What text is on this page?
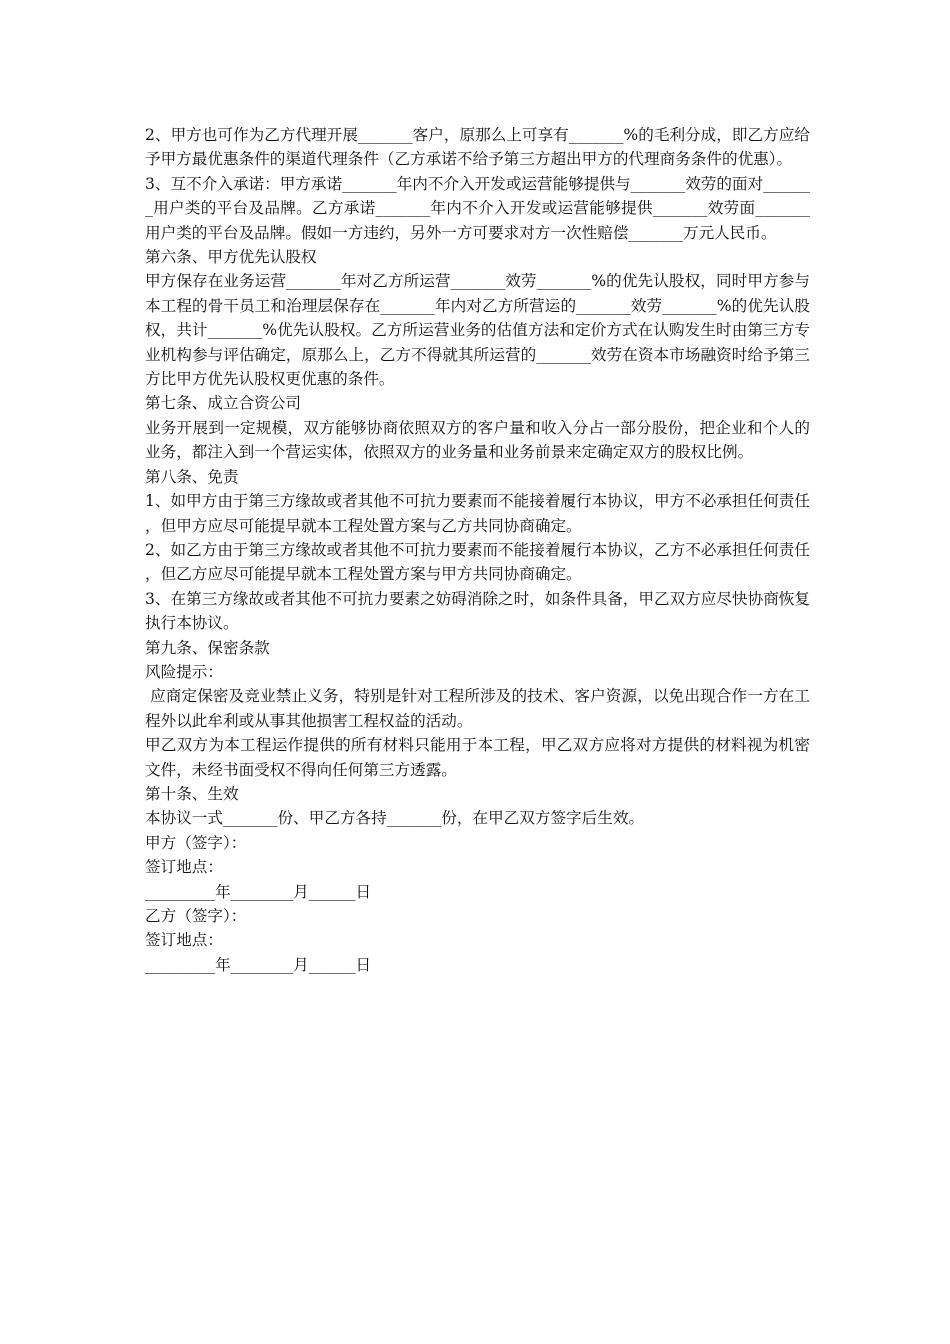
2、甲方也可作为乙方代理开展_______客户，原那么上可享有_______%的毛利分成，即乙方应给予甲方最优惠条件的渠道代理条件（乙方承诺不给予第三方超出甲方的代理商务条件的优惠）。

3、互不介入承诺：甲方承诺_______年内不介入开发或运营能够提供与_______效劳的面对_______用户类的平台及品牌。乙方承诺_______年内不介入开发或运营能够提供_______效劳面_______用户类的平台及品牌。假如一方违约，另外一方可要求对方一次性赔偿_______万元人民币。

第六条、甲方优先认股权

甲方保存在业务运营_______年对乙方所运营_______效劳_______%的优先认股权，同时甲方参与本工程的骨干员工和治理层保存在_______年内对乙方所营运的_______效劳_______%的优先认股权，共计_______%优先认股权。乙方所运营业务的估值方法和定价方式在认购发生时由第三方专业机构参与评估确定，原那么上，乙方不得就其所运营的_______效劳在资本市场融资时给予第三方比甲方优先认股权更优惠的条件。

第七条、成立合资公司

业务开展到一定规模，双方能够协商依照双方的客户量和收入分占一部分股份，把企业和个人的业务，都注入到一个营运实体，依照双方的业务量和业务前景来定确定双方的股权比例。

第八条、免责

1、如甲方由于第三方缘故或者其他不可抗力要素而不能接着履行本协议，甲方不必承担任何责任，但甲方应尽可能提早就本工程处置方案与乙方共同协商确定。

2、如乙方由于第三方缘故或者其他不可抗力要素而不能接着履行本协议，乙方不必承担任何责任，但乙方应尽可能提早就本工程处置方案与甲方共同协商确定。

3、在第三方缘故或者其他不可抗力要素之妨碍消除之时，如条件具备，甲乙双方应尽快协商恢复执行本协议。

第九条、保密条款

风险提示：

应商定保密及竞业禁止义务，特别是针对工程所涉及的技术、客户资源，以免出现合作一方在工程外以此牟利或从事其他损害工程权益的活动。

甲乙双方为本工程运作提供的所有材料只能用于本工程，甲乙双方应将对方提供的材料视为机密文件，未经书面受权不得向任何第三方透露。

第十条、生效

本协议一式_______份、甲乙方各持_______份，在甲乙双方签字后生效。

甲方（签字）：

签订地点：

_________年________月______日

乙方（签字）：

签订地点：

_________年________月______日
